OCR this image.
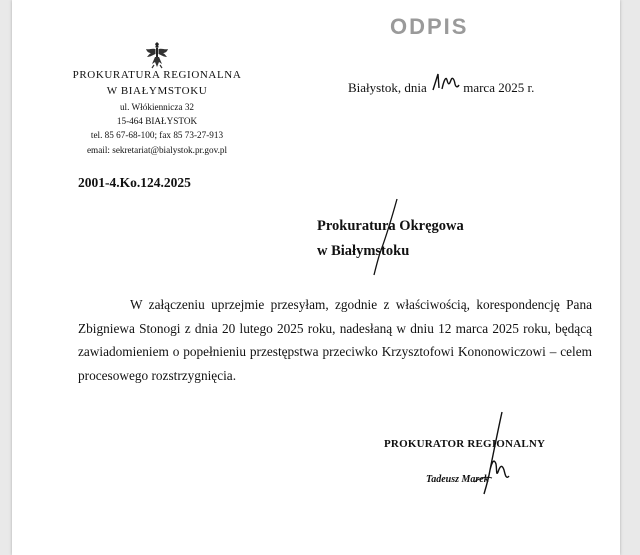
ODPIS
PROKURATURA REGIONALNA
W BIAŁYMSTOKU
ul. Włókiennicza 32
15-464 BIAŁYSTOK
tel. 85 67-68-100; fax 85 73-27-913
email: sekretariat@bialystok.pr.gov.pl
Białystok, dnia	marca 2025 r.
2001-4.Ko.124.2025
Prokuratura Okręgowa
w Białymstoku

W załączeniu uprzejmie przesyłam, zgodnie z właściwością, korespondencję Pana Zbigniewa Stonogi z dnia 20 lutego 2025 roku, nadesłaną w dniu 12 marca 2025 roku, będącą zawiadomieniem o popełnieniu przestępstwa przeciwko Krzysztofowi Kononowiczowi – celem procesowego rozstrzygnięcia.

PROKURATOR REGIONALNY
Tadeusz Marek
